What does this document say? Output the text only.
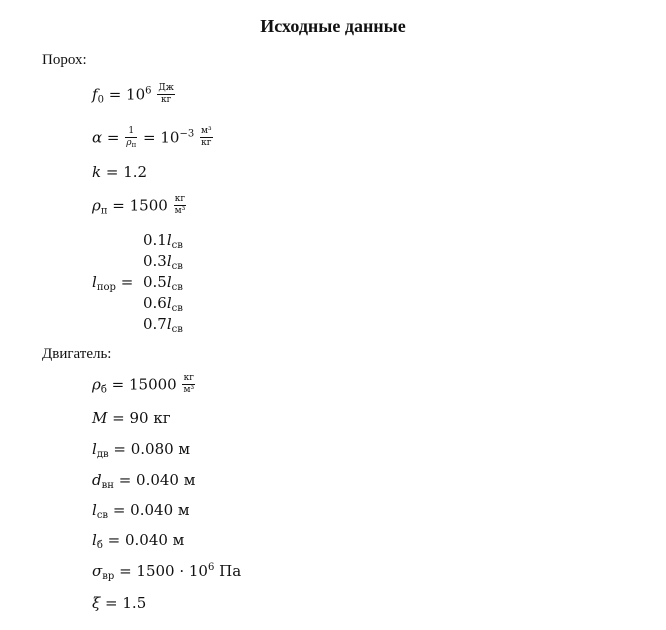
Исходные данные
Порох:
$f_0 = 10^6 \frac{Дж}{кг}$
$\alpha = \frac{1}{\rho_п} = 10^{-3} \frac{\text{м³}}{кг}$
k = 1.2
$\rho_п = 1500 \frac{кг}{\text{м³}}$
$l_{пор}$ =
$0.1l_{св}$
$0.3l_{св}$
$0.5l_{св}$
$0.6l_{св}$
$0.7l_{св}$
Двигатель:
$\rho_б = 15000 \frac{кг}{\text{м³}}$
M = 90 кг
$l_{дв} = 0.080$ м
$d_{вн} = 0.040$ м
$l_{св} = 0.040$ м
$l_б = 0.040$ м
$\sigma_{вр} = 1500 \cdot 10^6$ Па
ξ = 1.5
